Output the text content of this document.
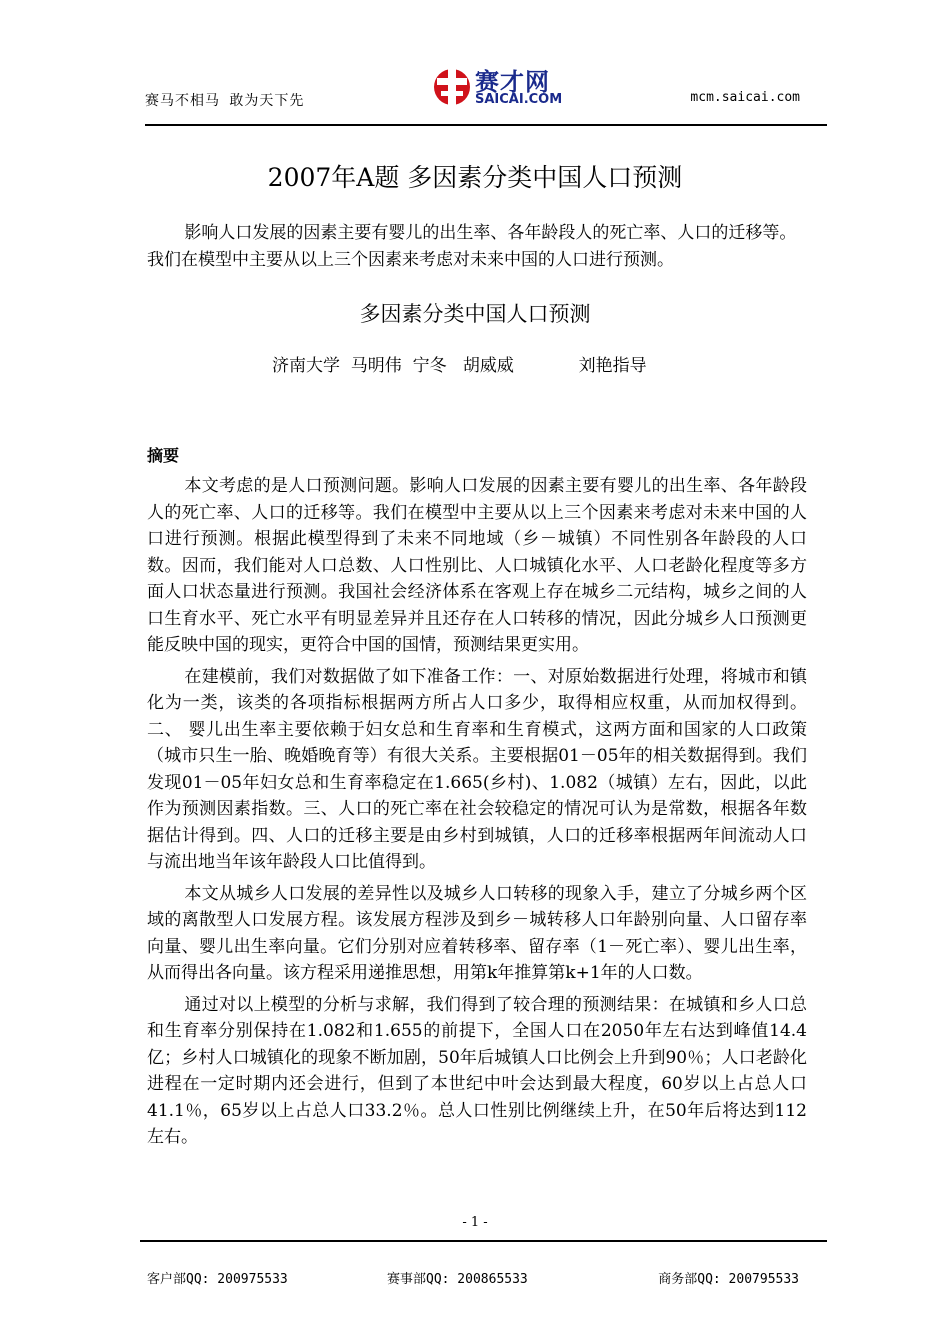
赛马不相马 敢为天下先
赛才网
SAICAI.COM	mcm.saicai.com
2007年A题 多因素分类中国人口预测

影响人口发展的因素主要有婴儿的出生率、各年龄段人的死亡率、人口的迁移等。我们在模型中主要从以上三个因素来考虑对未来中国的人口进行预测。

多因素分类中国人口预测
济南大学  马明伟  宁冬   胡威威            刘艳指导
摘要

本文考虑的是人口预测问题。影响人口发展的因素主要有婴儿的出生率、各年龄段人的死亡率、人口的迁移等。我们在模型中主要从以上三个因素来考虑对未来中国的人口进行预测。根据此模型得到了未来不同地域（乡－城镇）不同性别各年龄段的人口数。因而，我们能对人口总数、人口性别比、人口城镇化水平、人口老龄化程度等多方面人口状态量进行预测。我国社会经济体系在客观上存在城乡二元结构，城乡之间的人口生育水平、死亡水平有明显差异并且还存在人口转移的情况，因此分城乡人口预测更能反映中国的现实，更符合中国的国情，预测结果更实用。

在建模前，我们对数据做了如下准备工作：一、对原始数据进行处理，将城市和镇化为一类，该类的各项指标根据两方所占人口多少，取得相应权重，从而加权得到。二、 婴儿出生率主要依赖于妇女总和生育率和生育模式，这两方面和国家的人口政策（城市只生一胎、晚婚晚育等）有很大关系。主要根据01－05年的相关数据得到。我们发现01－05年妇女总和生育率稳定在1.665(乡村)、1.082（城镇）左右，因此，以此作为预测因素指数。三、人口的死亡率在社会较稳定的情况可认为是常数，根据各年数据估计得到。四、人口的迁移主要是由乡村到城镇，人口的迁移率根据两年间流动人口与流出地当年该年龄段人口比值得到。

本文从城乡人口发展的差异性以及城乡人口转移的现象入手，建立了分城乡两个区域的离散型人口发展方程。该发展方程涉及到乡－城转移人口年龄别向量、人口留存率向量、婴儿出生率向量。它们分别对应着转移率、留存率（1－死亡率）、婴儿出生率，从而得出各向量。该方程采用递推思想，用第k年推算第k+1年的人口数。

通过对以上模型的分析与求解，我们得到了较合理的预测结果：在城镇和乡人口总和生育率分别保持在1.082和1.655的前提下，全国人口在2050年左右达到峰值14.4亿；乡村人口城镇化的现象不断加剧，50年后城镇人口比例会上升到90％；人口老龄化进程在一定时期内还会进行，但到了本世纪中叶会达到最大程度，60岁以上占总人口41.1％，65岁以上占总人口33.2％。总人口性别比例继续上升，在50年后将达到112左右。

- 1 -
客户部QQ: 200975533	赛事部QQ: 200865533	商务部QQ: 200795533
